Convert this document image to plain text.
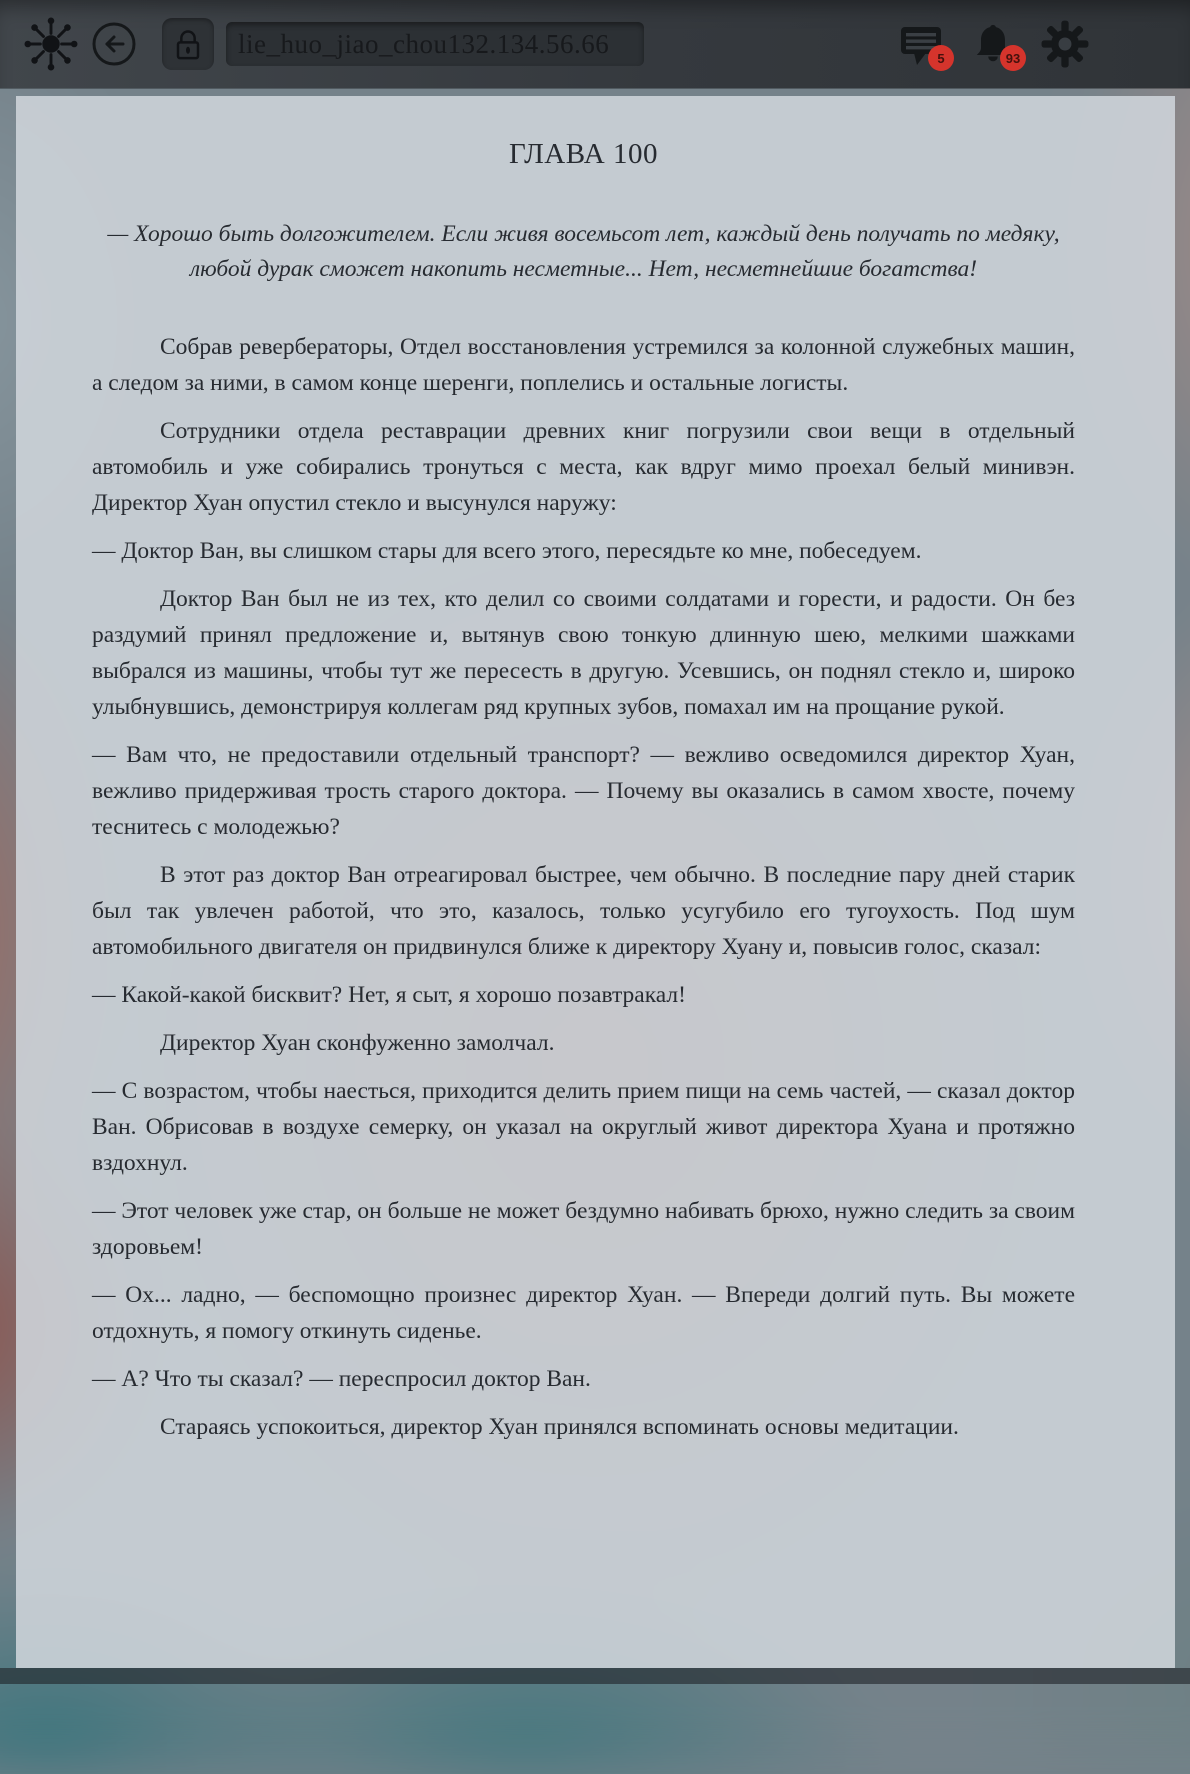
lie_huo_jiao_chou132.134.56.66
5	93
ГЛАВА 100
— Хорошо быть долгожителем. Если живя восемьсот лет, каждый день получать по медяку, любой дурак сможет накопить несметные... Нет, несметнейшие богатства!

Собрав ревербераторы, Отдел восстановления устремился за колонной служебных машин, а следом за ними, в самом конце шеренги, поплелись и остальные логисты.

Сотрудники отдела реставрации древних книг погрузили свои вещи в отдельный автомобиль и уже собирались тронуться с места, как вдруг мимо проехал белый минивэн. Директор Хуан опустил стекло и высунулся наружу:

— Доктор Ван, вы слишком стары для всего этого, пересядьте ко мне, побеседуем.

Доктор Ван был не из тех, кто делил со своими солдатами и горести, и радости. Он без раздумий принял предложение и, вытянув свою тонкую длинную шею, мелкими шажками выбрался из машины, чтобы тут же пересесть в другую. Усевшись, он поднял стекло и, широко улыбнувшись, демонстрируя коллегам ряд крупных зубов, помахал им на прощание рукой.

— Вам что, не предоставили отдельный транспорт? — вежливо осведомился директор Хуан, вежливо придерживая трость старого доктора. — Почему вы оказались в самом хвосте, почему теснитесь с молодежью?

В этот раз доктор Ван отреагировал быстрее, чем обычно. В последние пару дней старик был так увлечен работой, что это, казалось, только усугубило его тугоухость. Под шум автомобильного двигателя он придвинулся ближе к директору Хуану и, повысив голос, сказал:

— Какой-какой бисквит? Нет, я сыт, я хорошо позавтракал!

Директор Хуан сконфуженно замолчал.

— С возрастом, чтобы наесться, приходится делить прием пищи на семь частей, — сказал доктор Ван. Обрисовав в воздухе семерку, он указал на округлый живот директора Хуана и протяжно вздохнул.

— Этот человек уже стар, он больше не может бездумно набивать брюхо, нужно следить за своим здоровьем!

— Ох... ладно, — беспомощно произнес директор Хуан. — Впереди долгий путь. Вы можете отдохнуть, я помогу откинуть сиденье.

— А? Что ты сказал? — переспросил доктор Ван.

Стараясь успокоиться, директор Хуан принялся вспоминать основы медитации.
